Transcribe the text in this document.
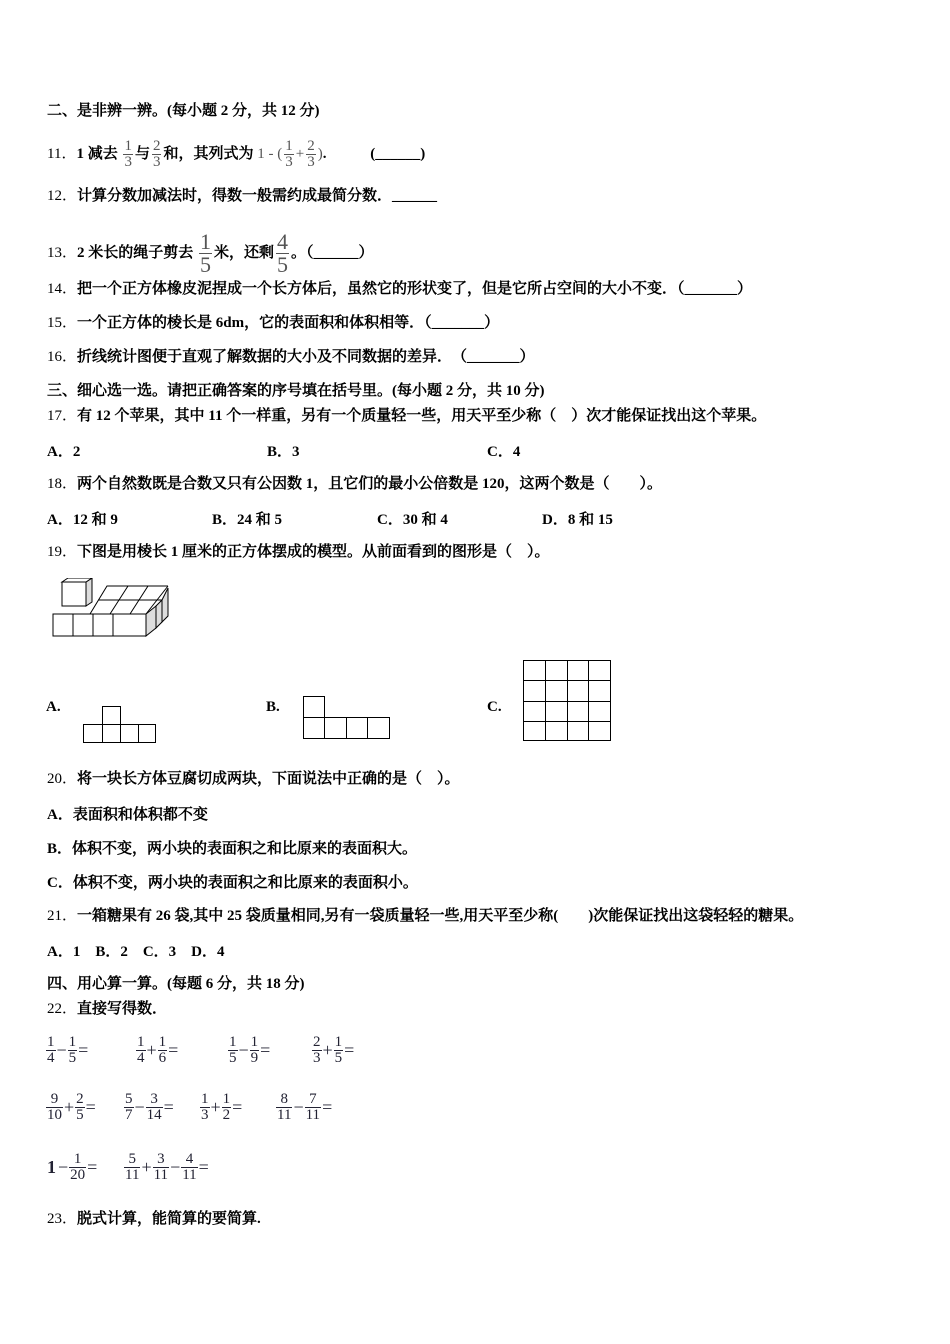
二、是非辨一辨。(每小题 2 分，共 12 分)
11．1 减去 $\frac{1}{3}$ 与 $\frac{2}{3}$ 和，其列式为 1 - ( $\frac{1}{3} + \frac{2}{3}$ ).	(______)
12．计算分数加减法时，得数一般需约成最简分数．______
13．2 米长的绳子剪去 $\frac{1}{5}$ 米，还剩 $\frac{4}{5}$ 。（______）
14．把一个正方体橡皮泥捏成一个长方体后，虽然它的形状变了，但是它所占空间的大小不变．（_______）
15．一个正方体的棱长是 6dm，它的表面积和体积相等．（_______）
16．折线统计图便于直观了解数据的大小及不同数据的差异．　（_______）
三、细心选一选。请把正确答案的序号填在括号里。(每小题 2 分，共 10 分)
17．有 12 个苹果，其中 11 个一样重，另有一个质量轻一些，用天平至少称（　）次才能保证找出这个苹果。
A．2	B．3	C．4
18．两个自然数既是合数又只有公因数 1，且它们的最小公倍数是 120，这两个数是（　　）。
A．12 和 9	B．24 和 5	C．30 和 4	D．8 和 15
19．下图是用棱长 1 厘米的正方体摆成的模型。从前面看到的图形是（　）。
A.	B.	C.
20．将一块长方体豆腐切成两块，下面说法中正确的是（　）。
A．表面积和体积都不变
B．体积不变，两小块的表面积之和比原来的表面积大。
C．体积不变，两小块的表面积之和比原来的表面积小。
21．一箱糖果有 26 袋,其中 25 袋质量相同,另有一袋质量轻一些,用天平至少称(　　)次能保证找出这袋轻轻的糖果。
A．1　B．2　C．3　D．4
四、用心算一算。(每题 6 分，共 18 分)
22．直接写得数．
$\frac{1}{4} - \frac{1}{5}$ =	$\frac{1}{4} + \frac{1}{6}$ =	$\frac{1}{5} - \frac{1}{9}$ =	$\frac{2}{3} + \frac{1}{5}$ =
$\frac{9}{10} + \frac{2}{5} = \frac{5}{7} - \frac{3}{14} = \frac{1}{3} + \frac{1}{2} = \frac{8}{11} - \frac{7}{11}$ =
$1 - \frac{1}{20} = \frac{5}{11} + \frac{3}{11} - \frac{4}{11}$ =
23．脱式计算，能简算的要简算.
